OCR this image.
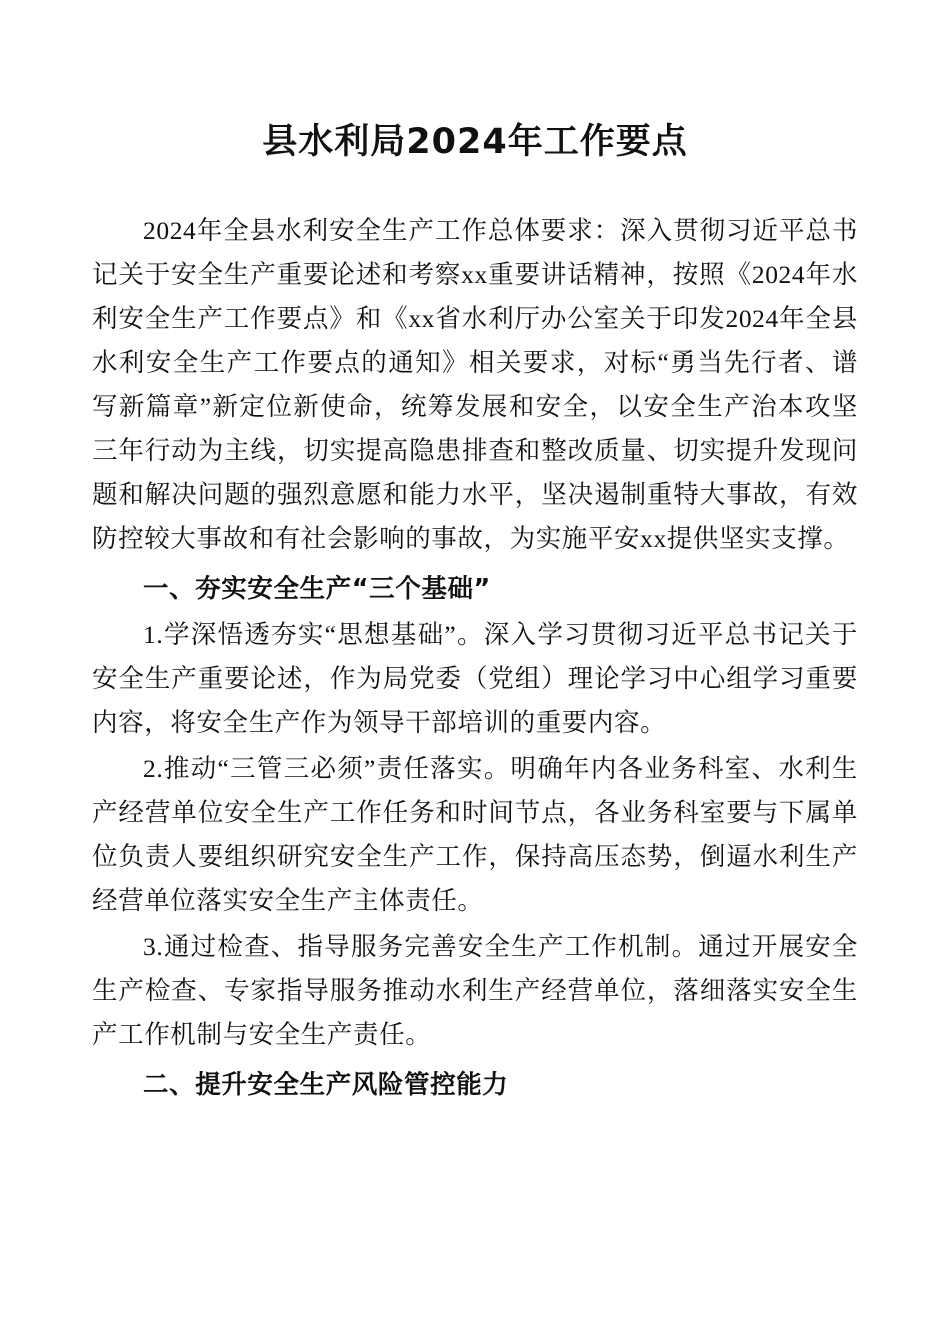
县水利局2024年工作要点

2024年全县水利安全生产工作总体要求：深入贯彻习近平总书记关于安全生产重要论述和考察xx重要讲话精神，按照《2024年水利安全生产工作要点》和《xx省水利厅办公室关于印发2024年全县水利安全生产工作要点的通知》相关要求，对标“勇当先行者、谱写新篇章”新定位新使命，统筹发展和安全，以安全生产治本攻坚三年行动为主线，切实提高隐患排查和整改质量、切实提升发现问题和解决问题的强烈意愿和能力水平，坚决遏制重特大事故，有效防控较大事故和有社会影响的事故，为实施平安xx提供坚实支撑。

一、夯实安全生产“三个基础”

1.学深悟透夯实“思想基础”。深入学习贯彻习近平总书记关于安全生产重要论述，作为局党委（党组）理论学习中心组学习重要内容，将安全生产作为领导干部培训的重要内容。

2.推动“三管三必须”责任落实。明确年内各业务科室、水利生产经营单位安全生产工作任务和时间节点，各业务科室要与下属单位负责人要组织研究安全生产工作，保持高压态势，倒逼水利生产经营单位落实安全生产主体责任。

3.通过检查、指导服务完善安全生产工作机制。通过开展安全生产检查、专家指导服务推动水利生产经营单位，落细落实安全生产工作机制与安全生产责任。

二、提升安全生产风险管控能力
